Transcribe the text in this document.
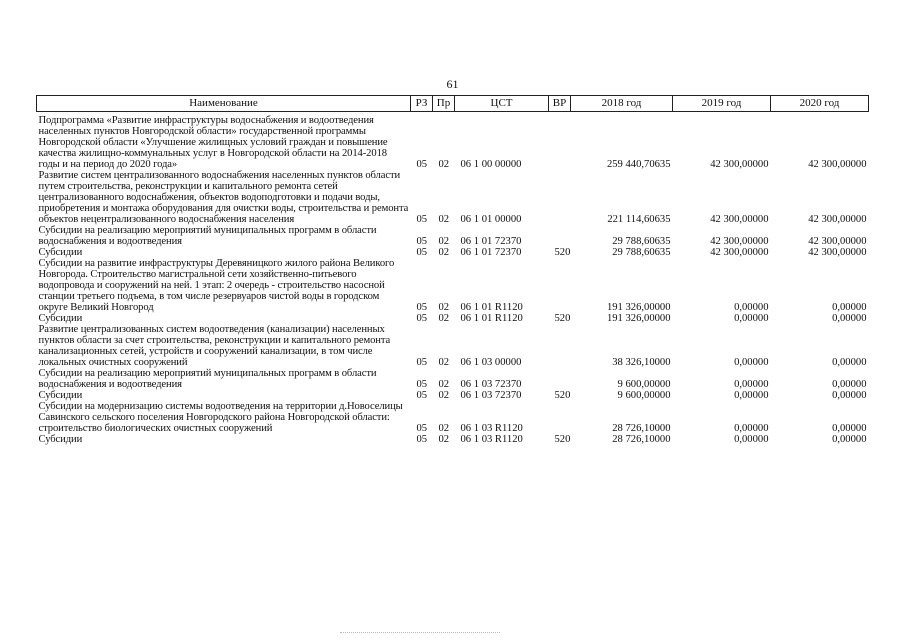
61
Наименование	РЗ	Пр	ЦСТ	ВР	2018 год	2019 год	2020 год
Подпрограмма «Развитие инфраструктуры водоснабжения и водоотведения населенных пунктов Новгородской области» государственной программы Новгородской области «Улучшение жилищных условий граждан и повышение качества жилищно-коммунальных услуг в Новгородской области на 2014-2018 годы и на период до 2020 года»	05	02	06 1 00 00000		259 440,70635	42 300,00000	42 300,00000
Развитие систем централизованного водоснабжения населенных пунктов области путем строительства, реконструкции и капитального ремонта сетей централизованного водоснабжения, объектов водоподготовки и подачи воды, приобретения и монтажа оборудования для очистки воды, строительства и ремонта объектов нецентрализованного водоснабжения населения	05	02	06 1 01 00000		221 114,60635	42 300,00000	42 300,00000
Субсидии на реализацию мероприятий муниципальных программ в области водоснабжения и водоотведения	05	02	06 1 01 72370		29 788,60635	42 300,00000	42 300,00000
Субсидии	05	02	06 1 01 72370	520	29 788,60635	42 300,00000	42 300,00000
Субсидии на развитие инфраструктуры Деревяницкого жилого района Великого Новгорода. Строительство магистральной сети хозяйственно-питьевого водопровода и сооружений на ней. 1 этап: 2 очередь - строительство насосной станции третьего подъема, в том числе резервуаров чистой воды в городском округе Великий Новгород	05	02	06 1 01 R1120		191 326,00000	0,00000	0,00000
Субсидии	05	02	06 1 01 R1120	520	191 326,00000	0,00000	0,00000
Развитие централизованных систем водоотведения (канализации) населенных пунктов области за счет строительства, реконструкции и капитального ремонта канализационных сетей, устройств и сооружений канализации, в том числе локальных очистных сооружений	05	02	06 1 03 00000		38 326,10000	0,00000	0,00000
Субсидии на реализацию мероприятий муниципальных программ в области водоснабжения и водоотведения	05	02	06 1 03 72370		9 600,00000	0,00000	0,00000
Субсидии	05	02	06 1 03 72370	520	9 600,00000	0,00000	0,00000
Субсидии на модернизацию системы водоотведения на территории д.Новоселицы Савинского сельского поселения Новгородского района Новгородской области: строительство биологических очистных сооружений	05	02	06 1 03 R1120		28 726,10000	0,00000	0,00000
Субсидии	05	02	06 1 03 R1120	520	28 726,10000	0,00000	0,00000
